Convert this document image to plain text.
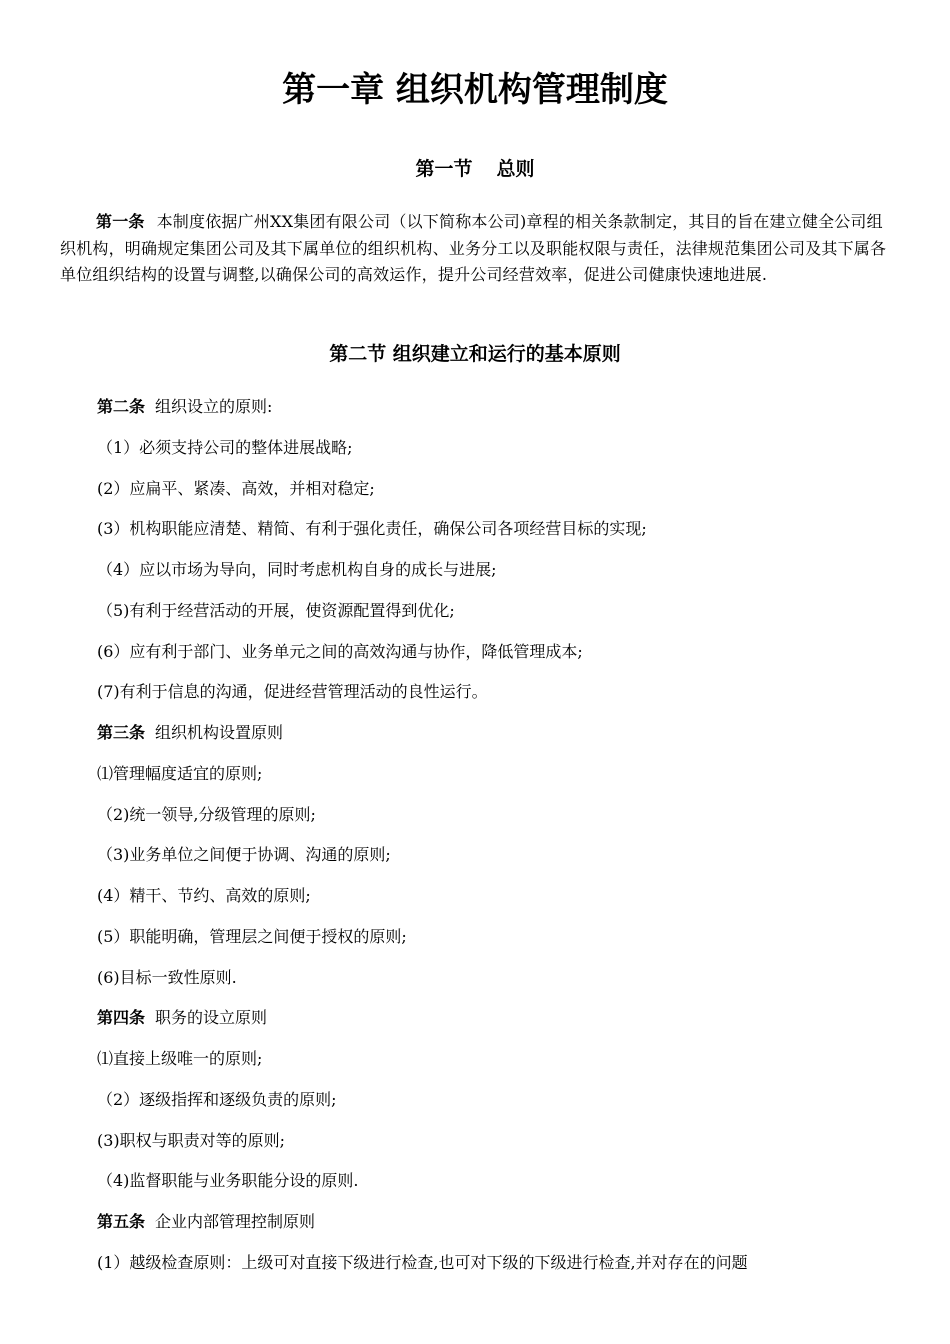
第一章 组织机构管理制度
第一节 总则
第一条 本制度依据广州XX集团有限公司（以下简称本公司)章程的相关条款制定，其目的旨在建立健全公司组织机构，明确规定集团公司及其下属单位的组织机构、业务分工以及职能权限与责任，法律规范集团公司及其下属各单位组织结构的设置与调整,以确保公司的高效运作，提升公司经营效率，促进公司健康快速地进展.
第二节 组织建立和运行的基本原则
第二条 组织设立的原则:
（1）必须支持公司的整体进展战略;
(2）应扁平、紧凑、高效，并相对稳定;
(3）机构职能应清楚、精简、有利于强化责任，确保公司各项经营目标的实现;
（4）应以市场为导向，同时考虑机构自身的成长与进展;
（5)有利于经营活动的开展，使资源配置得到优化;
(6）应有利于部门、业务单元之间的高效沟通与协作，降低管理成本;
(7)有利于信息的沟通，促进经营管理活动的良性运行。
第三条 组织机构设置原则
⑴管理幅度适宜的原则;
（2)统一领导,分级管理的原则;
（3)业务单位之间便于协调、沟通的原则;
(4）精干、节约、高效的原则;
(5）职能明确，管理层之间便于授权的原则;
(6)目标一致性原则.
第四条 职务的设立原则
⑴直接上级唯一的原则;
（2）逐级指挥和逐级负责的原则;
(3)职权与职责对等的原则;
（4)监督职能与业务职能分设的原则.
第五条 企业内部管理控制原则
(1）越级检查原则：上级可对直接下级进行检查,也可对下级的下级进行检查,并对存在的问题
